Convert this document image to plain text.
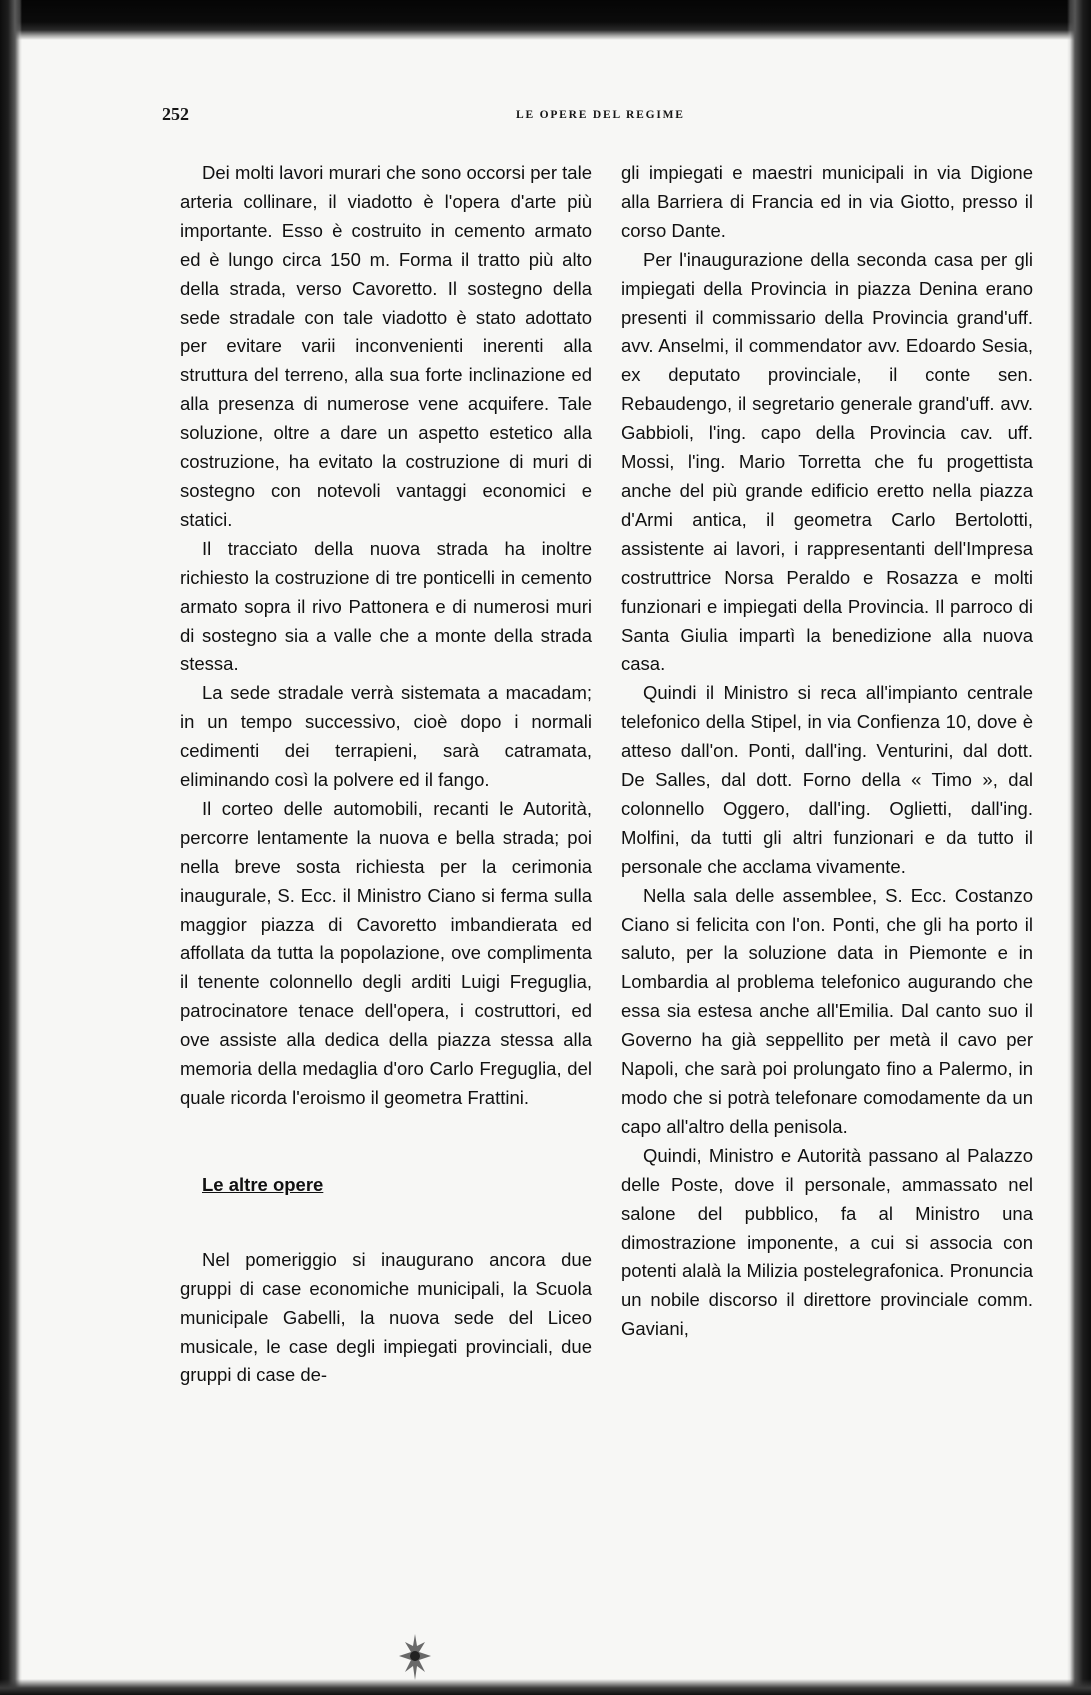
252	LE OPERE DEL REGIME

Dei molti lavori murari che sono occorsi per tale arteria collinare, il viadotto è l'opera d'arte più importante. Esso è costruito in cemento armato ed è lungo circa 150 m. Forma il tratto più alto della strada, verso Cavoretto. Il sostegno della sede stradale con tale viadotto è stato adottato per evitare varii inconvenienti inerenti alla struttura del terreno, alla sua forte inclinazione ed alla presenza di numerose vene acquifere. Tale soluzione, oltre a dare un aspetto estetico alla costruzione, ha evitato la costruzione di muri di sostegno con notevoli vantaggi economici e statici.

Il tracciato della nuova strada ha inoltre richiesto la costruzione di tre ponticelli in cemento armato sopra il rivo Pattonera e di numerosi muri di sostegno sia a valle che a monte della strada stessa.

La sede stradale verrà sistemata a macadam; in un tempo successivo, cioè dopo i normali cedimenti dei terrapieni, sarà catramata, eliminando così la polvere ed il fango.

Il corteo delle automobili, recanti le Autorità, percorre lentamente la nuova e bella strada; poi nella breve sosta richiesta per la cerimonia inaugurale, S. Ecc. il Ministro Ciano si ferma sulla maggior piazza di Cavoretto imbandierata ed affollata da tutta la popolazione, ove complimenta il tenente colonnello degli arditi Luigi Freguglia, patrocinatore tenace dell'opera, i costruttori, ed ove assiste alla dedica della piazza stessa alla memoria della medaglia d'oro Carlo Freguglia, del quale ricorda l'eroismo il geometra Frattini.

Le altre opere

Nel pomeriggio si inaugurano ancora due gruppi di case economiche municipali, la Scuola municipale Gabelli, la nuova sede del Liceo musicale, le case degli impiegati provinciali, due gruppi di case de-

gli impiegati e maestri municipali in via Digione alla Barriera di Francia ed in via Giotto, presso il corso Dante.

Per l'inaugurazione della seconda casa per gli impiegati della Provincia in piazza Denina erano presenti il commissario della Provincia grand'uff. avv. Anselmi, il commendator avv. Edoardo Sesia, ex deputato provinciale, il conte sen. Rebaudengo, il segretario generale grand'uff. avv. Gabbioli, l'ing. capo della Provincia cav. uff. Mossi, l'ing. Mario Torretta che fu progettista anche del più grande edificio eretto nella piazza d'Armi antica, il geometra Carlo Bertolotti, assistente ai lavori, i rappresentanti dell'Impresa costruttrice Norsa Peraldo e Rosazza e molti funzionari e impiegati della Provincia. Il parroco di Santa Giulia impartì la benedizione alla nuova casa.

Quindi il Ministro si reca all'impianto centrale telefonico della Stipel, in via Confienza 10, dove è atteso dall'on. Ponti, dall'ing. Venturini, dal dott. De Salles, dal dott. Forno della « Timo », dal colonnello Oggero, dall'ing. Oglietti, dall'ing. Molfini, da tutti gli altri funzionari e da tutto il personale che acclama vivamente.

Nella sala delle assemblee, S. Ecc. Costanzo Ciano si felicita con l'on. Ponti, che gli ha porto il saluto, per la soluzione data in Piemonte e in Lombardia al problema telefonico augurando che essa sia estesa anche all'Emilia. Dal canto suo il Governo ha già seppellito per metà il cavo per Napoli, che sarà poi prolungato fino a Palermo, in modo che si potrà telefonare comodamente da un capo all'altro della penisola.

Quindi, Ministro e Autorità passano al Palazzo delle Poste, dove il personale, ammassato nel salone del pubblico, fa al Ministro una dimostrazione imponente, a cui si associa con potenti alalà la Milizia postelegrafonica. Pronuncia un nobile discorso il direttore provinciale comm. Gaviani,
